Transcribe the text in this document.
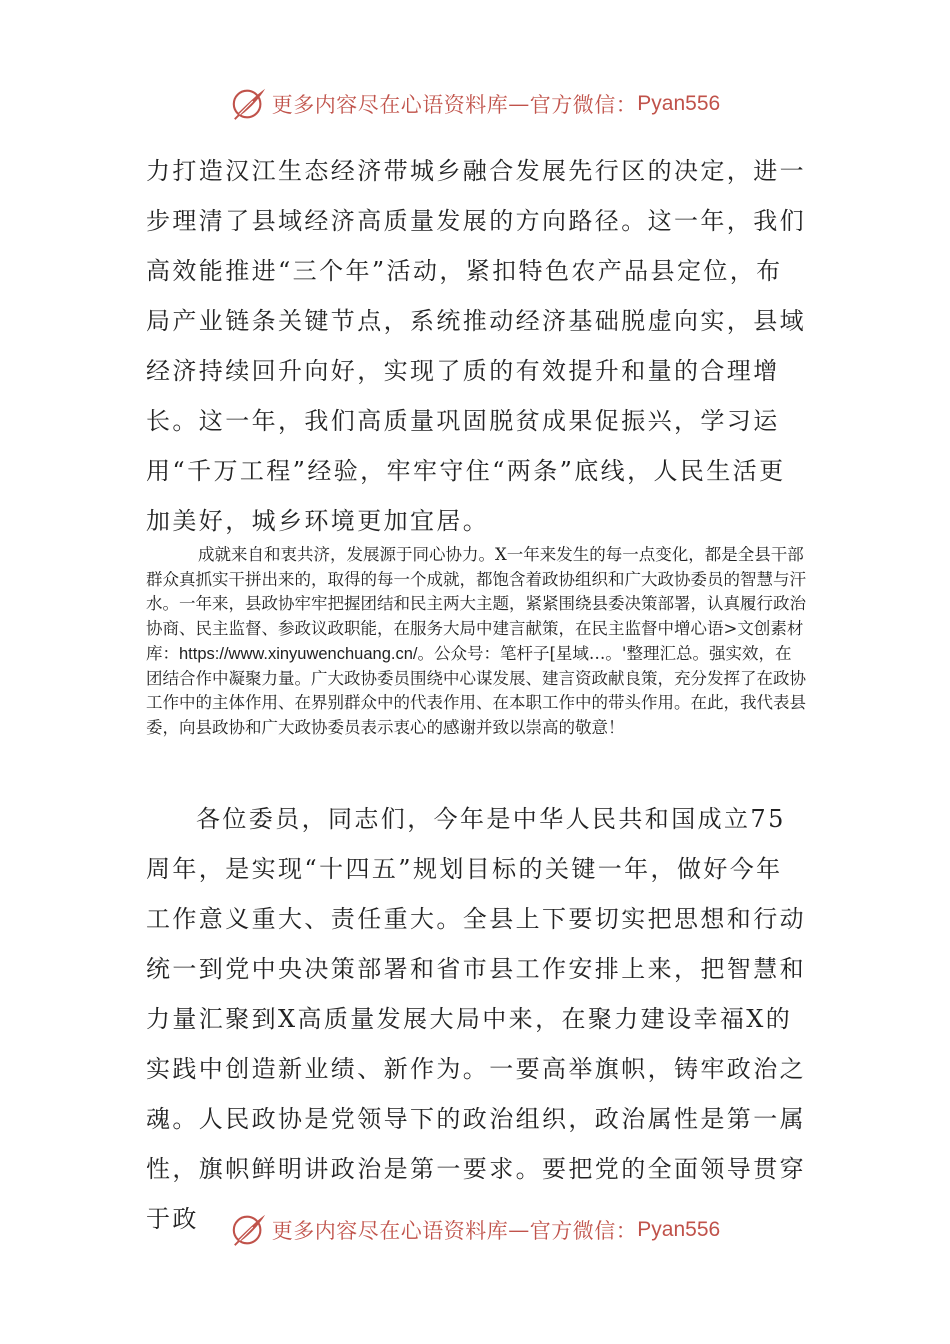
更多内容尽在心语资料库 — 官方微信： Pyan556

力打造汉江生态经济带城乡融合发展先行区的决定，进一步理清了县域经济高质量发展的方向路径。这一年，我们高效能推进“三个年”活动，紧扣特色农产品县定位，布局产业链条关键节点，系统推动经济基础脱虚向实，县域经济持续回升向好，实现了质的有效提升和量的合理增长。这一年，我们高质量巩固脱贫成果促振兴，学习运用“千万工程”经验，牢牢守住“两条”底线，人民生活更加美好，城乡环境更加宜居。

成就来自和衷共济，发展源于同心协力。X一年来发生的每一点变化，都是全县干部群众真抓实干拼出来的，取得的每一个成就，都饱含着政协组织和广大政协委员的智慧与汗水。一年来，县政协牢牢把握团结和民主两大主题，紧紧围绕县委决策部署，认真履行政治协商、民主监督、参政议政职能，在服务大局中建言献策，在民主监督中增心语>文创素材库：https://www.xinyuwenchuang.cn/。公众号：笔杆子[星域…。'整理汇总。强实效，在团结合作中凝聚力量。广大政协委员围绕中心谋发展、建言资政献良策，充分发挥了在政协工作中的主体作用、在界别群众中的代表作用、在本职工作中的带头作用。在此，我代表县委，向县政协和广大政协委员表示衷心的感谢并致以崇高的敬意！

各位委员，同志们，今年是中华人民共和国成立75周年，是实现“十四五”规划目标的关键一年，做好今年工作意义重大、责任重大。全县上下要切实把思想和行动统一到党中央决策部署和省市县工作安排上来，把智慧和力量汇聚到X高质量发展大局中来，在聚力建设幸福X的实践中创造新业绩、新作为。一要高举旗帜，铸牢政治之魂。人民政协是党领导下的政治组织，政治属性是第一属性，旗帜鲜明讲政治是第一要求。要把党的全面领导贯穿于政	更多内容尽在心语资料库 — 官方微信： Pyan556
